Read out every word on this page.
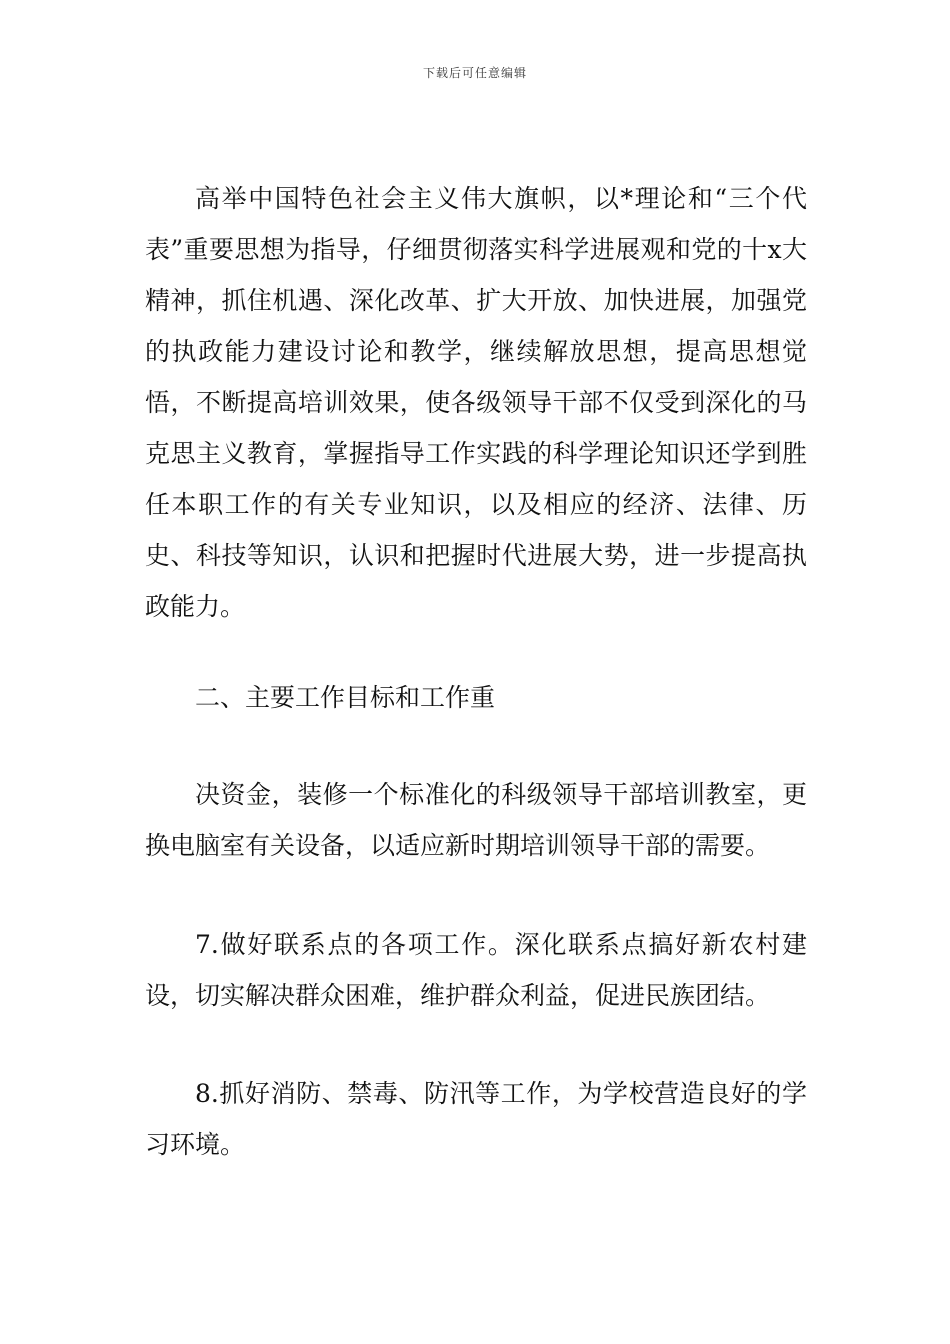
下载后可任意编辑

高举中国特色社会主义伟大旗帜，以*理论和“三个代表”重要思想为指导，仔细贯彻落实科学进展观和党的十x大精神，抓住机遇、深化改革、扩大开放、加快进展，加强党的执政能力建设讨论和教学，继续解放思想，提高思想觉悟，不断提高培训效果，使各级领导干部不仅受到深化的马克思主义教育，掌握指导工作实践的科学理论知识还学到胜任本职工作的有关专业知识，以及相应的经济、法律、历史、科技等知识，认识和把握时代进展大势，进一步提高执政能力。

二、主要工作目标和工作重

决资金，装修一个标准化的科级领导干部培训教室，更换电脑室有关设备，以适应新时期培训领导干部的需要。

7.做好联系点的各项工作。深化联系点搞好新农村建设，切实解决群众困难，维护群众利益，促进民族团结。

8.抓好消防、禁毒、防汛等工作，为学校营造良好的学习环境。
